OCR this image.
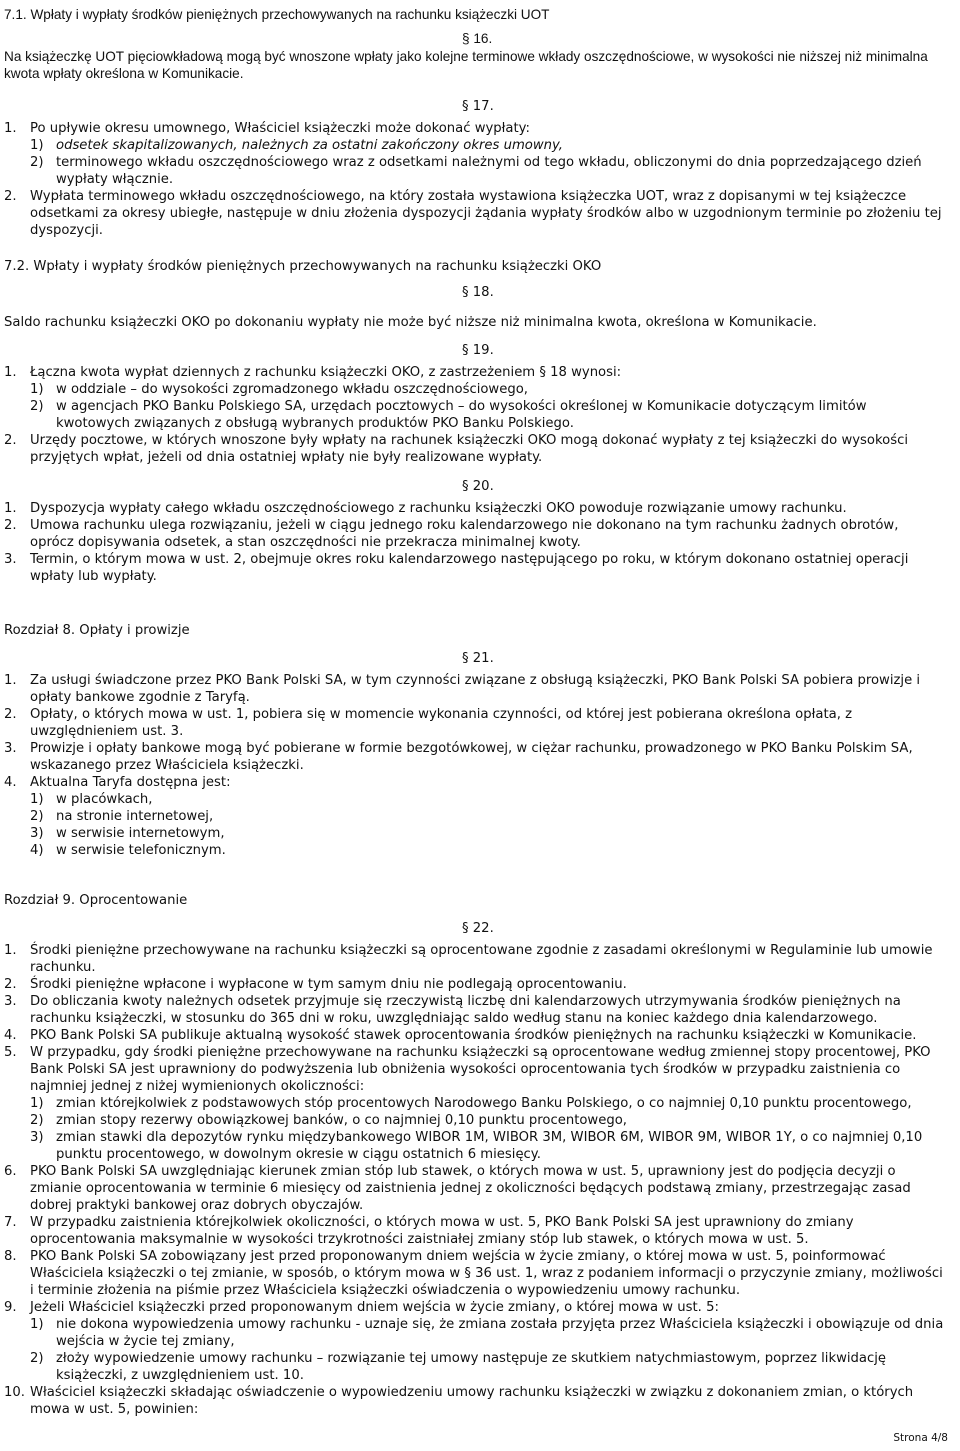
7.1. Wpłaty i wypłaty środków pieniężnych przechowywanych na rachunku książeczki UOT
§ 16.

Na książeczkę UOT pięciowkładową mogą być wnoszone wpłaty jako kolejne terminowe wkłady oszczędnościowe, w wysokości nie niższej niż minimalna kwota wpłaty określona w Komunikacie.

§ 17.
1.	Po upływie okresu umownego, Właściciel książeczki może dokonać wypłaty:
1) odsetek skapitalizowanych, należnych za ostatni zakończony okres umowny,
2) terminowego wkładu oszczędnościowego wraz z odsetkami należnymi od tego wkładu, obliczonymi do dnia poprzedzającego dzień wypłaty włącznie.
2.	Wypłata terminowego wkładu oszczędnościowego, na który została wystawiona książeczka UOT, wraz z dopisanymi w tej książeczce odsetkami za okresy ubiegłe, następuje w dniu złożenia dyspozycji żądania wypłaty środków albo w uzgodnionym terminie po złożeniu tej dyspozycji.
7.2. Wpłaty i wypłaty środków pieniężnych przechowywanych na rachunku książeczki OKO
§ 18.

Saldo rachunku książeczki OKO po dokonaniu wypłaty nie może być niższe niż minimalna kwota, określona w Komunikacie.

§ 19.
1.	Łączna kwota wypłat dziennych z rachunku książeczki OKO, z zastrzeżeniem § 18 wynosi:
1) w oddziale – do wysokości zgromadzonego wkładu oszczędnościowego,
2) w agencjach PKO Banku Polskiego SA, urzędach pocztowych – do wysokości określonej w Komunikacie dotyczącym limitów kwotowych związanych z obsługą wybranych produktów PKO Banku Polskiego.
2.	Urzędy pocztowe, w których wnoszone były wpłaty na rachunek książeczki OKO mogą dokonać wypłaty z tej książeczki do wysokości przyjętych wpłat, jeżeli od dnia ostatniej wpłaty nie były realizowane wypłaty.
§ 20.
1.	Dyspozycja wypłaty całego wkładu oszczędnościowego z rachunku książeczki OKO powoduje rozwiązanie umowy rachunku.
2.	Umowa rachunku ulega rozwiązaniu, jeżeli w ciągu jednego roku kalendarzowego nie dokonano na tym rachunku żadnych obrotów, oprócz dopisywania odsetek, a stan oszczędności nie przekracza minimalnej kwoty.
3.	Termin, o którym mowa w ust. 2, obejmuje okres roku kalendarzowego następującego po roku, w którym dokonano ostatniej operacji wpłaty lub wypłaty.
Rozdział 8. Opłaty i prowizje
§ 21.
1.	Za usługi świadczone przez PKO Bank Polski SA, w tym czynności związane z obsługą książeczki, PKO Bank Polski SA pobiera prowizje i opłaty bankowe zgodnie z Taryfą.
2.	Opłaty, o których mowa w ust. 1, pobiera się w momencie wykonania czynności, od której jest pobierana określona opłata, z uwzględnieniem ust. 3.
3.	Prowizje i opłaty bankowe mogą być pobierane w formie bezgotówkowej, w ciężar rachunku, prowadzonego w PKO Banku Polskim SA, wskazanego przez Właściciela książeczki.
4.	Aktualna Taryfa dostępna jest:
1) w placówkach,
2) na stronie internetowej,
3) w serwisie internetowym,
4) w serwisie telefonicznym.
Rozdział 9. Oprocentowanie
§ 22.
1.	Środki pieniężne przechowywane na rachunku książeczki są oprocentowane zgodnie z zasadami określonymi w Regulaminie lub umowie rachunku.
2.	Środki pieniężne wpłacone i wypłacone w tym samym dniu nie podlegają oprocentowaniu.
3.	Do obliczania kwoty należnych odsetek przyjmuje się rzeczywistą liczbę dni kalendarzowych utrzymywania środków pieniężnych na rachunku książeczki, w stosunku do 365 dni w roku, uwzględniając saldo według stanu na koniec każdego dnia kalendarzowego.
4.	PKO Bank Polski SA publikuje aktualną wysokość stawek oprocentowania środków pieniężnych na rachunku książeczki w Komunikacie.
5.	W przypadku, gdy środki pieniężne przechowywane na rachunku książeczki są oprocentowane według zmiennej stopy procentowej, PKO Bank Polski SA jest uprawniony do podwyższenia lub obniżenia wysokości oprocentowania tych środków w przypadku zaistnienia co najmniej jednej z niżej wymienionych okoliczności:
1) zmian którejkolwiek z podstawowych stóp procentowych Narodowego Banku Polskiego, o co najmniej 0,10 punktu procentowego,
2) zmian stopy rezerwy obowiązkowej banków, o co najmniej 0,10 punktu procentowego,
3) zmian stawki dla depozytów rynku międzybankowego WIBOR 1M, WIBOR 3M, WIBOR 6M, WIBOR 9M, WIBOR 1Y, o co najmniej 0,10 punktu procentowego, w dowolnym okresie w ciągu ostatnich 6 miesięcy.
6.	PKO Bank Polski SA uwzględniając kierunek zmian stóp lub stawek, o których mowa w ust. 5, uprawniony jest do podjęcia decyzji o zmianie oprocentowania w terminie 6 miesięcy od zaistnienia jednej z okoliczności będących podstawą zmiany, przestrzegając zasad dobrej praktyki bankowej oraz dobrych obyczajów.
7.	W przypadku zaistnienia którejkolwiek okoliczności, o których mowa w ust. 5, PKO Bank Polski SA jest uprawniony do zmiany oprocentowania maksymalnie w wysokości trzykrotności zaistniałej zmiany stóp lub stawek, o których mowa w ust. 5.
8.	PKO Bank Polski SA zobowiązany jest przed proponowanym dniem wejścia w życie zmiany, o której mowa w ust. 5, poinformować Właściciela książeczki o tej zmianie, w sposób, o którym mowa w § 36 ust. 1, wraz z podaniem informacji o przyczynie zmiany, możliwości i terminie złożenia na piśmie przez Właściciela książeczki oświadczenia o wypowiedzeniu umowy rachunku.
9.	Jeżeli Właściciel książeczki przed proponowanym dniem wejścia w życie zmiany, o której mowa w ust. 5:
1) nie dokona wypowiedzenia umowy rachunku - uznaje się, że zmiana została przyjęta przez Właściciela książeczki i obowiązuje od dnia wejścia w życie tej zmiany,
2) złoży wypowiedzenie umowy rachunku – rozwiązanie tej umowy następuje ze skutkiem natychmiastowym, poprzez likwidację książeczki, z uwzględnieniem ust. 10.
10. Właściciel książeczki składając oświadczenie o wypowiedzeniu umowy rachunku książeczki w związku z dokonaniem zmian, o których mowa w ust. 5, powinien:
Strona 4/8
